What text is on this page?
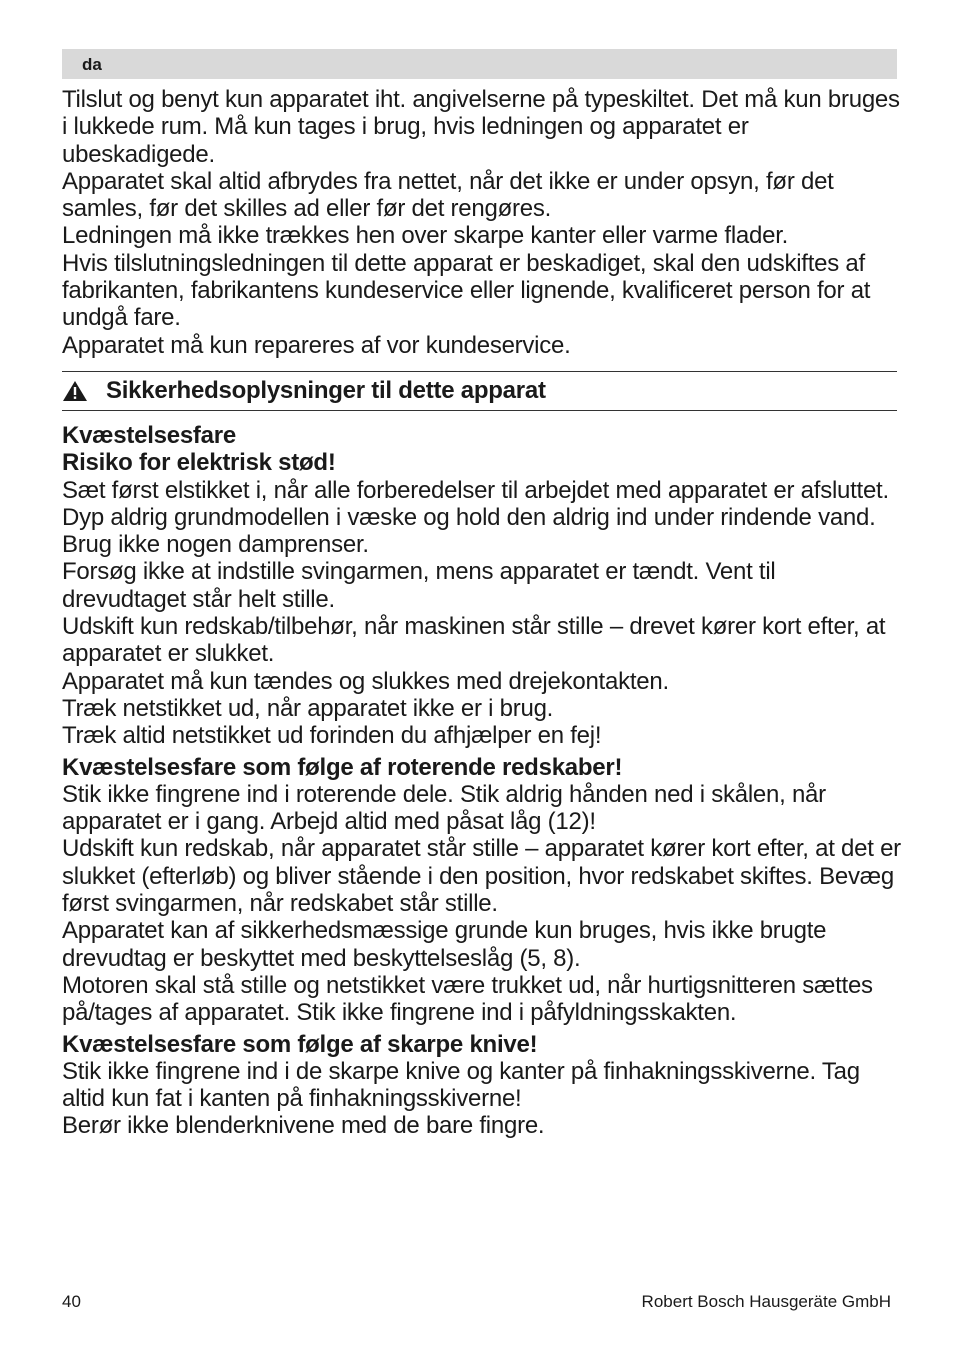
da

Tilslut og benyt kun apparatet iht. angivelserne på typeskiltet. Det må kun bruges i lukkede rum. Må kun tages i brug, hvis ledningen og apparatet er ubeskadigede.

Apparatet skal altid afbrydes fra nettet, når det ikke er under opsyn, før det samles, før det skilles ad eller før det rengøres.

Ledningen må ikke trækkes hen over skarpe kanter eller varme flader.

Hvis tilslutningsledningen til dette apparat er beskadiget, skal den udskiftes af fabrikanten, fabrikantens kundeservice eller lignende, kvalificeret person for at undgå fare.

Apparatet må kun repareres af vor kundeservice.

Sikkerhedsoplysninger til dette apparat
Kvæstelsesfare
Risiko for elektrisk stød!

Sæt først elstikket i, når alle forberedelser til arbejdet med apparatet er afsluttet.

Dyp aldrig grundmodellen i væske og hold den aldrig ind under rindende vand.

Brug ikke nogen damprenser.

Forsøg ikke at indstille svingarmen, mens apparatet er tændt. Vent til drevudtaget står helt stille.

Udskift kun redskab/tilbehør, når maskinen står stille – drevet kører kort efter, at apparatet er slukket.

Apparatet må kun tændes og slukkes med drejekontakten.

Træk netstikket ud, når apparatet ikke er i brug.

Træk altid netstikket ud forinden du afhjælper en fej!

Kvæstelsesfare som følge af roterende redskaber!

Stik ikke fingrene ind i roterende dele. Stik aldrig hånden ned i skålen, når apparatet er i gang. Arbejd altid med påsat låg (12)!

Udskift kun redskab, når apparatet står stille – apparatet kører kort efter, at det er slukket (efterløb) og bliver stående i den position, hvor redskabet skiftes. Bevæg først svingarmen, når redskabet står stille.

Apparatet kan af sikkerhedsmæssige grunde kun bruges, hvis ikke brugte drevudtag er beskyttet med beskyttelseslåg (5, 8).

Motoren skal stå stille og netstikket være trukket ud, når hurtigsnitteren sættes på/tages af apparatet. Stik ikke fingrene ind i påfyldningsskakten.

Kvæstelsesfare som følge af skarpe knive!

Stik ikke fingrene ind i de skarpe knive og kanter på finhakningsskiverne. Tag altid kun fat i kanten på finhakningsskiverne!

Berør ikke blenderknivene med de bare fingre.

40	Robert Bosch Hausgeräte GmbH
